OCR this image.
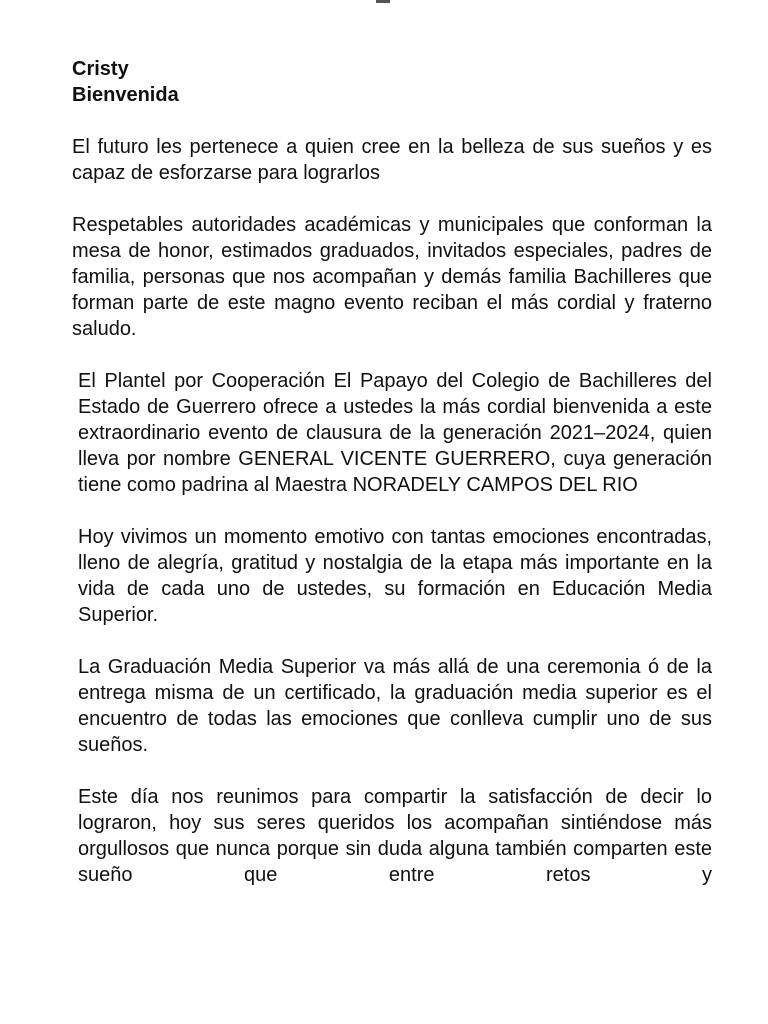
Cristy

Bienvenida

El futuro les pertenece a quien cree en la belleza de sus sueños y es capaz de esforzarse para lograrlos

Respetables autoridades académicas y municipales que conforman la mesa de honor, estimados graduados, invitados especiales, padres de familia, personas que nos acompañan y demás familia Bachilleres que forman parte de este magno evento reciban el más cordial y fraterno saludo.

El Plantel por Cooperación El Papayo del Colegio de Bachilleres del Estado de Guerrero ofrece a ustedes la más cordial bienvenida a este extraordinario evento de clausura de la generación 2021–2024, quien lleva por nombre GENERAL VICENTE GUERRERO, cuya generación tiene como padrina al Maestra NORADELY CAMPOS DEL RIO

Hoy vivimos un momento emotivo con tantas emociones encontradas, lleno de alegría, gratitud y nostalgia de la etapa más importante en la vida de cada uno de ustedes, su formación en Educación Media Superior.

La Graduación Media Superior va más allá de una ceremonia ó de la entrega misma de un certificado, la graduación media superior es el encuentro de todas las emociones que conlleva cumplir uno de sus sueños.

Este día nos reunimos para compartir la satisfacción de decir lo lograron, hoy sus seres queridos los acompañan sintiéndose más orgullosos que nunca porque sin duda alguna también comparten este sueño que entre retos y
